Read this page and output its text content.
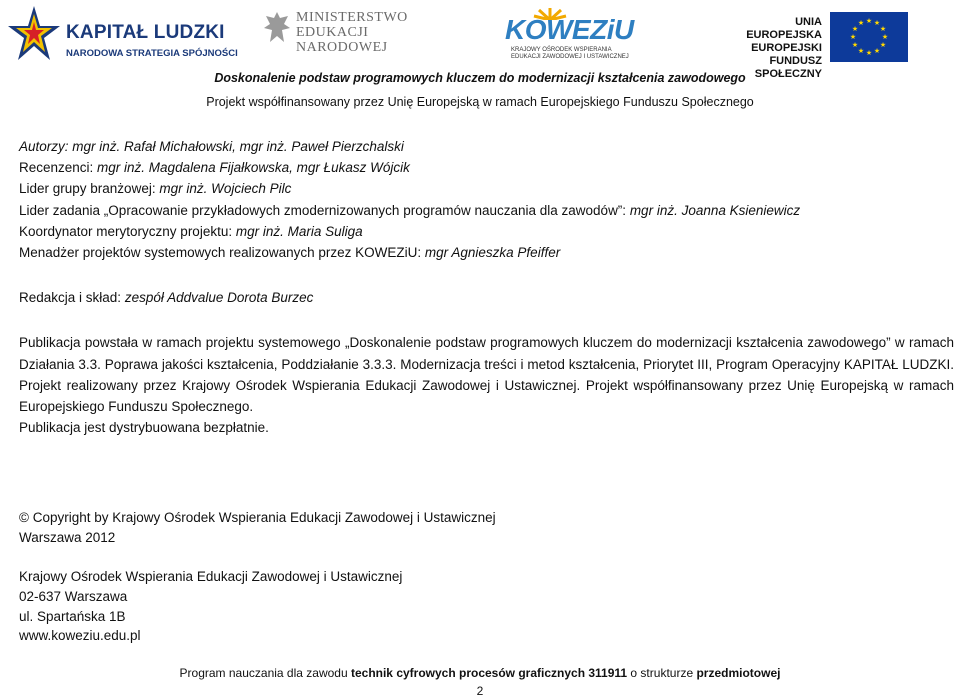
KAPITAŁ LUDZKI
NARODOWA STRATEGIA SPÓJNOŚCI
MINISTERSTWO
EDUKACJI
NARODOWEJ
KOWEZiU
KRAJOWY OŚRODEK WSPIERANIA
EDUKACJI ZAWODOWEJ I USTAWICZNEJ
UNIA EUROPEJSKA
EUROPEJSKI
FUNDUSZ SPOŁECZNY
★ ★
★
★
★
★
★
★
★
★
★
★
Doskonalenie podstaw programowych kluczem do modernizacji kształcenia zawodowego
Projekt współfinansowany przez Unię Europejską w ramach Europejskiego Funduszu Społecznego
Autorzy: mgr inż. Rafał Michałowski, mgr inż. Paweł Pierzchalski
Recenzenci: mgr inż. Magdalena Fijałkowska, mgr Łukasz Wójcik
Lider grupy branżowej: mgr inż. Wojciech Pilc
Lider zadania „Opracowanie przykładowych zmodernizowanych programów nauczania dla zawodów”: mgr inż. Joanna Ksieniewicz
Koordynator merytoryczny projektu: mgr inż. Maria Suliga
Menadżer projektów systemowych realizowanych przez KOWEZiU: mgr Agnieszka Pfeiffer
Redakcja i skład: zespół Addvalue Dorota Burzec
Publikacja powstała w ramach projektu systemowego „Doskonalenie podstaw programowych kluczem do modernizacji kształcenia zawodowego” w ramach Działania 3.3. Poprawa jakości kształcenia, Poddziałanie 3.3.3. Modernizacja treści i metod kształcenia, Priorytet III, Program Operacyjny KAPITAŁ LUDZKI. Projekt realizowany przez Krajowy Ośrodek Wspierania Edukacji Zawodowej i Ustawicznej. Projekt współfinansowany przez Unię Europejską w ramach Europejskiego Funduszu Społecznego.
Publikacja jest dystrybuowana bezpłatnie.
© Copyright by Krajowy Ośrodek Wspierania Edukacji Zawodowej i Ustawicznej
Warszawa 2012
Krajowy Ośrodek Wspierania Edukacji Zawodowej i Ustawicznej
02-637 Warszawa
ul. Spartańska 1B
www.koweziu.edu.pl
Program nauczania dla zawodu technik cyfrowych procesów graficznych 311911 o strukturze przedmiotowej
2
